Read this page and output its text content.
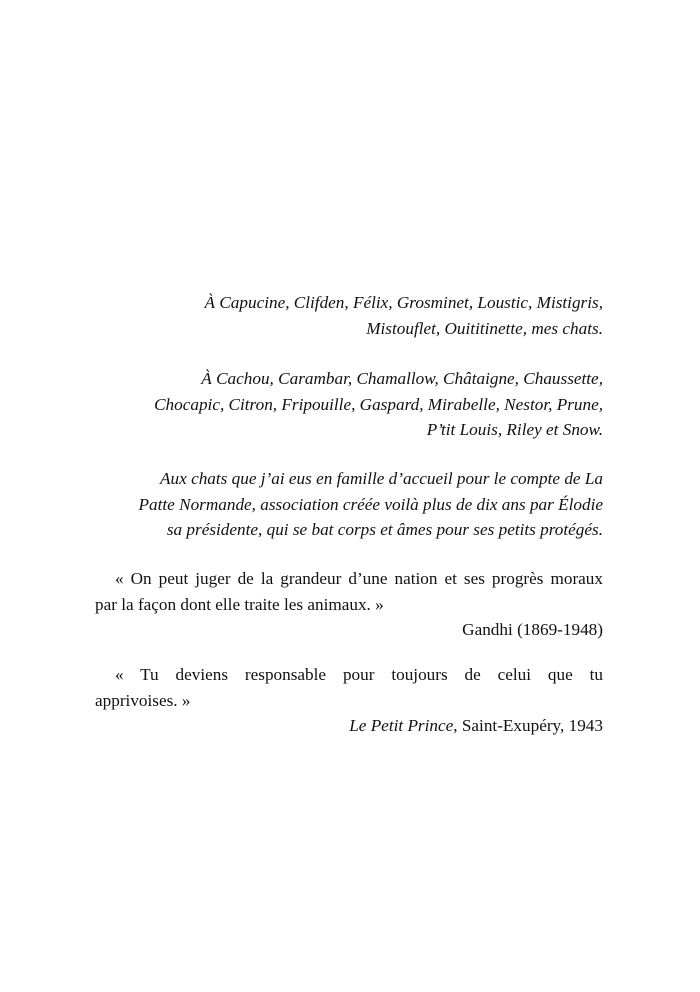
À Capucine, Clifden, Félix, Grosminet, Loustic, Mistigris,
Mistouflet, Ouititinette, mes chats.
À Cachou, Carambar, Chamallow, Châtaigne, Chaussette,
Chocapic, Citron, Fripouille, Gaspard, Mirabelle, Nestor, Prune,
P’tit Louis, Riley et Snow.
Aux chats que j’ai eus en famille d’accueil pour le compte de La
Patte Normande, association créée voilà plus de dix ans par Élodie
sa présidente, qui se bat corps et âmes pour ses petits protégés.
« On peut juger de la grandeur d’une nation et ses progrès moraux
par la façon dont elle traite les animaux. »
Gandhi (1869-1948)
« Tu deviens responsable pour toujours de celui que tu
apprivoises. »
Le Petit Prince, Saint-Exupéry, 1943
